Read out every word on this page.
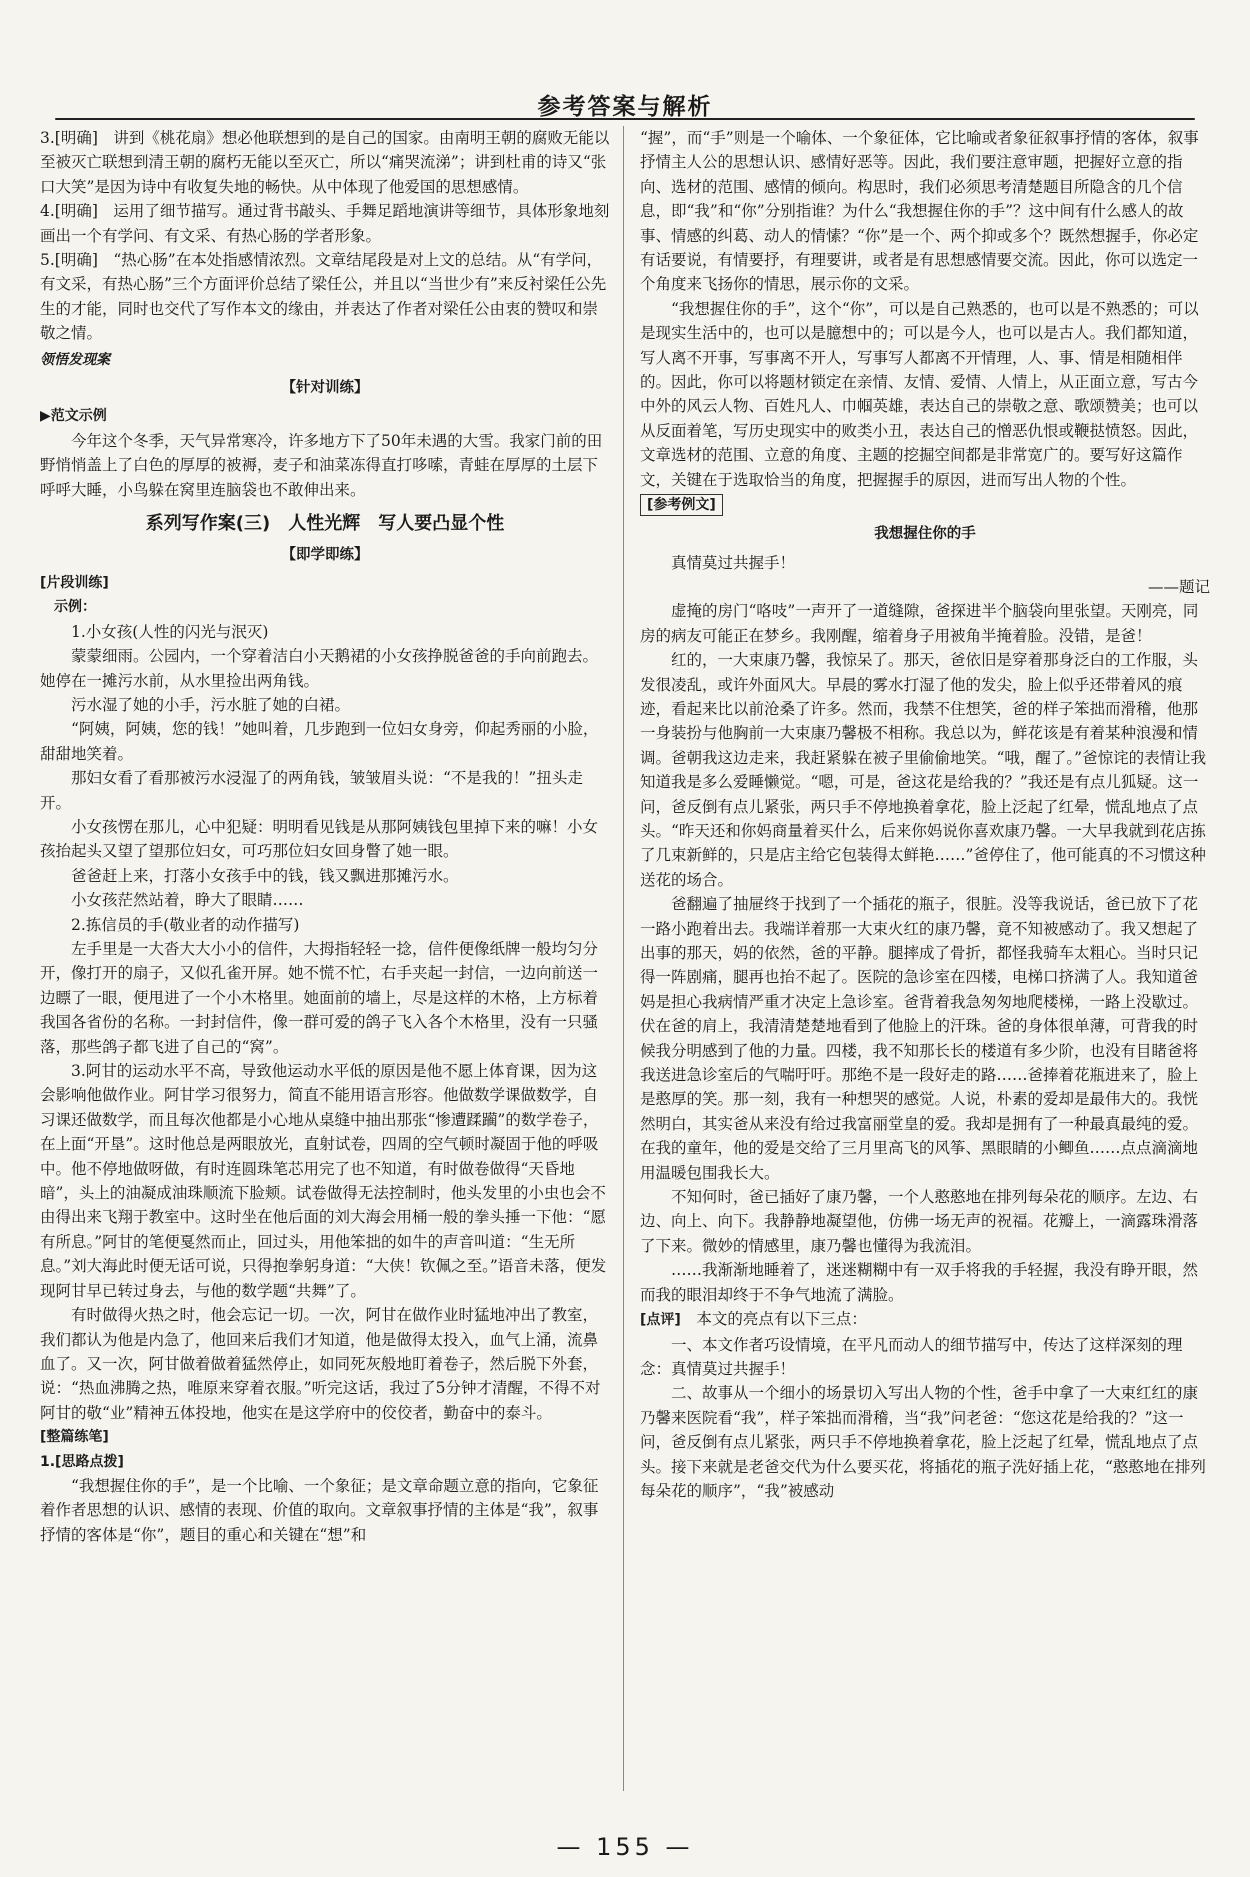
参考答案与解析

3.[明确]　讲到《桃花扇》想必他联想到的是自己的国家。由南明王朝的腐败无能以至被灭亡联想到清王朝的腐朽无能以至灭亡，所以“痛哭流涕”；讲到杜甫的诗又“张口大笑”是因为诗中有收复失地的畅快。从中体现了他爱国的思想感情。

4.[明确]　运用了细节描写。通过背书敲头、手舞足蹈地演讲等细节，具体形象地刻画出一个有学问、有文采、有热心肠的学者形象。

5.[明确]　“热心肠”在本处指感情浓烈。文章结尾段是对上文的总结。从“有学问，有文采，有热心肠”三个方面评价总结了梁任公，并且以“当世少有”来反衬梁任公先生的才能，同时也交代了写作本文的缘由，并表达了作者对梁任公由衷的赞叹和崇敬之情。

领悟发现案

【针对训练】

▶范文示例

今年这个冬季，天气异常寒冷，许多地方下了50年未遇的大雪。我家门前的田野悄悄盖上了白色的厚厚的被褥，麦子和油菜冻得直打哆嗦，青蛙在厚厚的土层下呼呼大睡，小鸟躲在窝里连脑袋也不敢伸出来。

系列写作案(三)　人性光辉　写人要凸显个性

【即学即练】

[片段训练]

示例：

1.小女孩(人性的闪光与泯灭)

蒙蒙细雨。公园内，一个穿着洁白小天鹅裙的小女孩挣脱爸爸的手向前跑去。她停在一摊污水前，从水里捡出两角钱。

污水湿了她的小手，污水脏了她的白裙。

“阿姨，阿姨，您的钱！”她叫着，几步跑到一位妇女身旁，仰起秀丽的小脸，甜甜地笑着。

那妇女看了看那被污水浸湿了的两角钱，皱皱眉头说：“不是我的！”扭头走开。

小女孩愣在那儿，心中犯疑：明明看见钱是从那阿姨钱包里掉下来的嘛！小女孩抬起头又望了望那位妇女，可巧那位妇女回身瞥了她一眼。

爸爸赶上来，打落小女孩手中的钱，钱又飘进那摊污水。

小女孩茫然站着，睁大了眼睛……

2.拣信员的手(敬业者的动作描写)

左手里是一大沓大大小小的信件，大拇指轻轻一捻，信件便像纸牌一般均匀分开，像打开的扇子，又似孔雀开屏。她不慌不忙，右手夹起一封信，一边向前送一边瞟了一眼，便甩进了一个小木格里。她面前的墙上，尽是这样的木格，上方标着我国各省份的名称。一封封信件，像一群可爱的鸽子飞入各个木格里，没有一只骚落，那些鸽子都飞进了自己的“窝”。

3.阿甘的运动水平不高，导致他运动水平低的原因是他不愿上体育课，因为这会影响他做作业。阿甘学习很努力，简直不能用语言形容。他做数学课做数学，自习课还做数学，而且每次他都是小心地从桌缝中抽出那张“惨遭蹂躏”的数学卷子，在上面“开垦”。这时他总是两眼放光，直射试卷，四周的空气顿时凝固于他的呼吸中。他不停地做呀做，有时连圆珠笔芯用完了也不知道，有时做卷做得“天昏地暗”，头上的油凝成油珠顺流下脸颊。试卷做得无法控制时，他头发里的小虫也会不由得出来飞翔于教室中。这时坐在他后面的刘大海会用桶一般的拳头捶一下他：“愿有所息。”阿甘的笔便戛然而止，回过头，用他笨拙的如牛的声音叫道：“生无所息。”刘大海此时便无话可说，只得抱拳躬身道：“大侠！钦佩之至。”语音未落，便发现阿甘早已转过身去，与他的数学题“共舞”了。

有时做得火热之时，他会忘记一切。一次，阿甘在做作业时猛地冲出了教室，我们都认为他是内急了，他回来后我们才知道，他是做得太投入，血气上涌，流鼻血了。又一次，阿甘做着做着猛然停止，如同死灰般地盯着卷子，然后脱下外套，说：“热血沸腾之热，唯原来穿着衣服。”听完这话，我过了5分钟才清醒，不得不对阿甘的敬“业”精神五体投地，他实在是这学府中的佼佼者，勤奋中的泰斗。

[整篇练笔]

1.[思路点拨]

“我想握住你的手”，是一个比喻、一个象征；是文章命题立意的指向，它象征着作者思想的认识、感情的表现、价值的取向。文章叙事抒情的主体是“我”，叙事抒情的客体是“你”，题目的重心和关键在“想”和

“握”，而“手”则是一个喻体、一个象征体，它比喻或者象征叙事抒情的客体，叙事抒情主人公的思想认识、感情好恶等。因此，我们要注意审题，把握好立意的指向、选材的范围、感情的倾向。构思时，我们必须思考清楚题目所隐含的几个信息，即“我”和“你”分别指谁？为什么“我想握住你的手”？这中间有什么感人的故事、情感的纠葛、动人的情愫？“你”是一个、两个抑或多个？既然想握手，你必定有话要说，有情要抒，有理要讲，或者是有思想感情要交流。因此，你可以选定一个角度来飞扬你的情思，展示你的文采。

“我想握住你的手”，这个“你”，可以是自己熟悉的，也可以是不熟悉的；可以是现实生活中的，也可以是臆想中的；可以是今人，也可以是古人。我们都知道，写人离不开事，写事离不开人，写事写人都离不开情理，人、事、情是相随相伴的。因此，你可以将题材锁定在亲情、友情、爱情、人情上，从正面立意，写古今中外的风云人物、百姓凡人、巾帼英雄，表达自己的崇敬之意、歌颂赞美；也可以从反面着笔，写历史现实中的败类小丑，表达自己的憎恶仇恨或鞭挞愤怒。因此，文章选材的范围、立意的角度、主题的挖掘空间都是非常宽广的。要写好这篇作文，关键在于选取恰当的角度，把握握手的原因，进而写出人物的个性。

[参考例文]

我想握住你的手

真情莫过共握手！

——题记

虚掩的房门“咯吱”一声开了一道缝隙，爸探进半个脑袋向里张望。天刚亮，同房的病友可能正在梦乡。我刚醒，缩着身子用被角半掩着脸。没错，是爸！

红的，一大束康乃馨，我惊呆了。那天，爸依旧是穿着那身泛白的工作服，头发很凌乱，或许外面风大。早晨的雾水打湿了他的发尖，脸上似乎还带着风的痕迹，看起来比以前沧桑了许多。然而，我禁不住想笑，爸的样子笨拙而滑稽，他那一身装扮与他胸前一大束康乃馨极不相称。我总以为，鲜花该是有着某种浪漫和情调。爸朝我这边走来，我赶紧躲在被子里偷偷地笑。“哦，醒了。”爸惊诧的表情让我知道我是多么爱睡懒觉。“嗯，可是，爸这花是给我的？”我还是有点儿狐疑。这一问，爸反倒有点儿紧张，两只手不停地换着拿花，脸上泛起了红晕，慌乱地点了点头。“昨天还和你妈商量着买什么，后来你妈说你喜欢康乃馨。一大早我就到花店拣了几束新鲜的，只是店主给它包装得太鲜艳……”爸停住了，他可能真的不习惯这种送花的场合。

爸翻遍了抽屉终于找到了一个插花的瓶子，很脏。没等我说话，爸已放下了花一路小跑着出去。我端详着那一大束火红的康乃馨，竟不知被感动了。我又想起了出事的那天，妈的依然，爸的平静。腿摔成了骨折，都怪我骑车太粗心。当时只记得一阵剧痛，腿再也抬不起了。医院的急诊室在四楼，电梯口挤满了人。我知道爸妈是担心我病情严重才决定上急诊室。爸背着我急匆匆地爬楼梯，一路上没歇过。伏在爸的肩上，我清清楚楚地看到了他脸上的汗珠。爸的身体很单薄，可背我的时候我分明感到了他的力量。四楼，我不知那长长的楼道有多少阶，也没有目睹爸将我送进急诊室后的气喘吁吁。那绝不是一段好走的路……爸捧着花瓶进来了，脸上是憨厚的笑。那一刻，我有一种想哭的感觉。人说，朴素的爱却是最伟大的。我恍然明白，其实爸从来没有给过我富丽堂皇的爱。我却是拥有了一种最真最纯的爱。在我的童年，他的爱是交给了三月里高飞的风筝、黑眼睛的小鲫鱼……点点滴滴地用温暖包围我长大。

不知何时，爸已插好了康乃馨，一个人憨憨地在排列每朵花的顺序。左边、右边、向上、向下。我静静地凝望他，仿佛一场无声的祝福。花瓣上，一滴露珠滑落了下来。微妙的情感里，康乃馨也懂得为我流泪。

……我渐渐地睡着了，迷迷糊糊中有一双手将我的手轻握，我没有睁开眼，然而我的眼泪却终于不争气地流了满脸。

[点评]　 本文的亮点有以下三点：

一、本文作者巧设情境，在平凡而动人的细节描写中，传达了这样深刻的理念：真情莫过共握手！

二、故事从一个细小的场景切入写出人物的个性，爸手中拿了一大束红红的康乃馨来医院看“我”，样子笨拙而滑稽，当“我”问老爸：“您这花是给我的？”这一问，爸反倒有点儿紧张，两只手不停地换着拿花，脸上泛起了红晕，慌乱地点了点头。接下来就是老爸交代为什么要买花，将插花的瓶子洗好插上花，“憨憨地在排列每朵花的顺序”，“我”被感动

— 155 —
